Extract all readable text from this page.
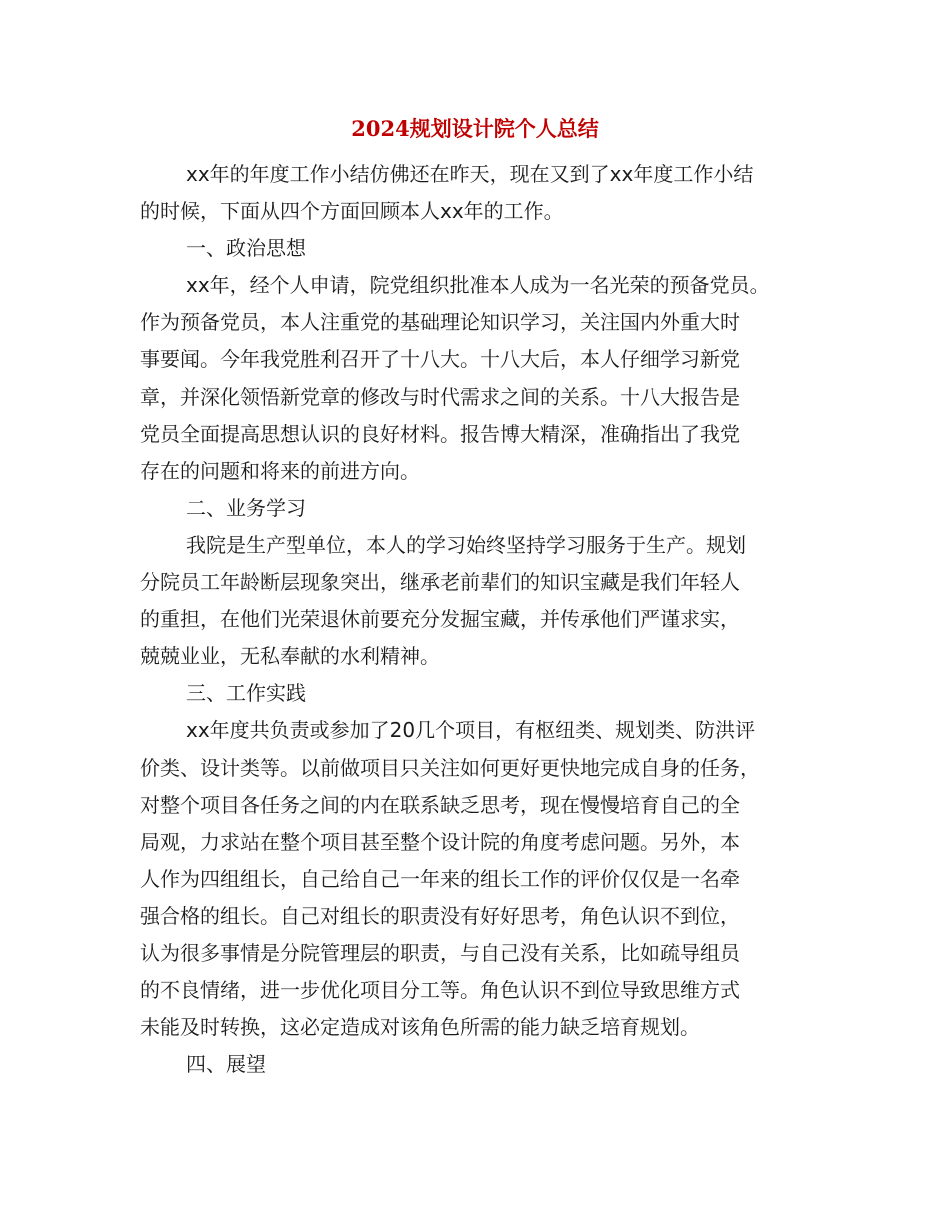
2024规划设计院个人总结
xx年的年度工作小结仿佛还在昨天，现在又到了xx年度工作小结
的时候，下面从四个方面回顾本人xx年的工作。
一、政治思想
xx年，经个人申请，院党组织批准本人成为一名光荣的预备党员。
作为预备党员，本人注重党的基础理论知识学习，关注国内外重大时
事要闻。今年我党胜利召开了十八大。十八大后，本人仔细学习新党
章，并深化领悟新党章的修改与时代需求之间的关系。十八大报告是
党员全面提高思想认识的良好材料。报告博大精深，准确指出了我党
存在的问题和将来的前进方向。
二、业务学习
我院是生产型单位，本人的学习始终坚持学习服务于生产。规划
分院员工年龄断层现象突出，继承老前辈们的知识宝藏是我们年轻人
的重担，在他们光荣退休前要充分发掘宝藏，并传承他们严谨求实，
兢兢业业，无私奉献的水利精神。
三、工作实践
xx年度共负责或参加了20几个项目，有枢纽类、规划类、防洪评
价类、设计类等。以前做项目只关注如何更好更快地完成自身的任务，
对整个项目各任务之间的内在联系缺乏思考，现在慢慢培育自己的全
局观，力求站在整个项目甚至整个设计院的角度考虑问题。另外，本
人作为四组组长，自己给自己一年来的组长工作的评价仅仅是一名牵
强合格的组长。自己对组长的职责没有好好思考，角色认识不到位，
认为很多事情是分院管理层的职责，与自己没有关系，比如疏导组员
的不良情绪，进一步优化项目分工等。角色认识不到位导致思维方式
未能及时转换，这必定造成对该角色所需的能力缺乏培育规划。
四、展望
